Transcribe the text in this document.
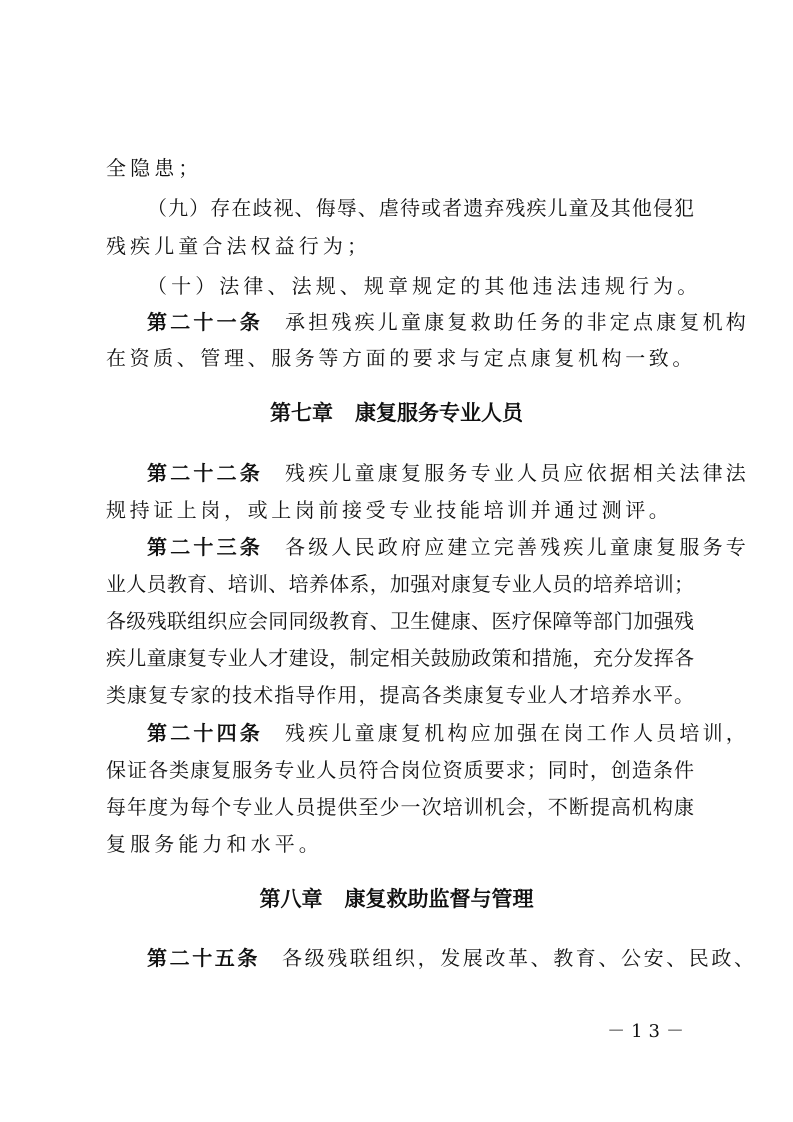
全隐患；
（九）存在歧视、侮辱、虐待或者遗弃残疾儿童及其他侵犯
残疾儿童合法权益行为；
（十）法律、法规、规章规定的其他违法违规行为。
第二十一条 承担残疾儿童康复救助任务的非定点康复机构
在资质、管理、服务等方面的要求与定点康复机构一致。
第七章 康复服务专业人员
第二十二条 残疾儿童康复服务专业人员应依据相关法律法
规持证上岗，或上岗前接受专业技能培训并通过测评。
第二十三条 各级人民政府应建立完善残疾儿童康复服务专
业人员教育、培训、培养体系，加强对康复专业人员的培养培训；
各级残联组织应会同同级教育、卫生健康、医疗保障等部门加强残
疾儿童康复专业人才建设，制定相关鼓励政策和措施，充分发挥各
类康复专家的技术指导作用，提高各类康复专业人才培养水平。
第二十四条 残疾儿童康复机构应加强在岗工作人员培训，
保证各类康复服务专业人员符合岗位资质要求；同时，创造条件
每年度为每个专业人员提供至少一次培训机会，不断提高机构康
复服务能力和水平。
第八章 康复救助监督与管理
第二十五条 各级残联组织，发展改革、教育、公安、民政、
－13－
